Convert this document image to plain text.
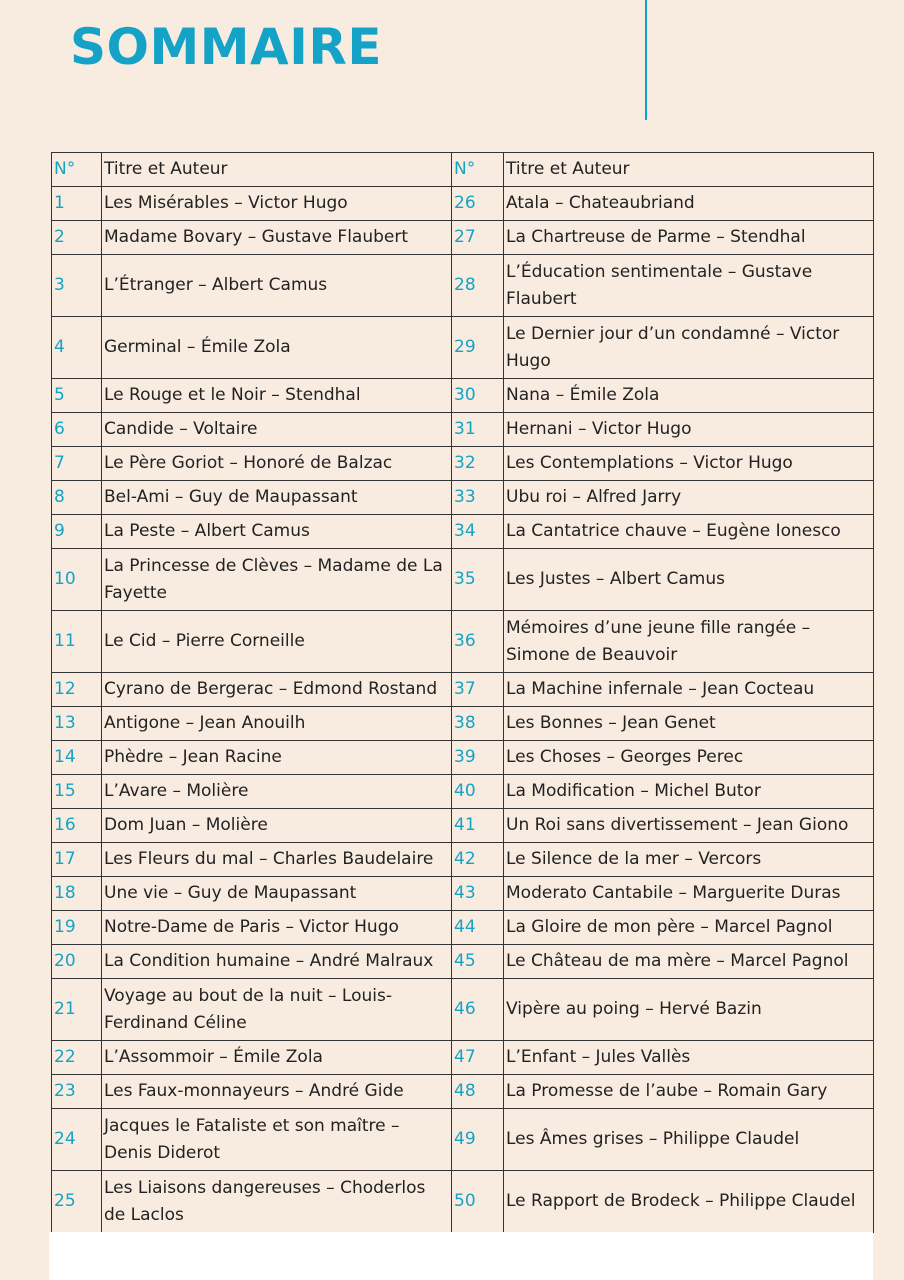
SOMMAIRE
N°	Titre et Auteur	N°	Titre et Auteur
1	Les Misérables – Victor Hugo	26	Atala – Chateaubriand
2	Madame Bovary – Gustave Flaubert	27	La Chartreuse de Parme – Stendhal
3	L’Étranger – Albert Camus	28	L’Éducation sentimentale – Gustave Flaubert
4	Germinal – Émile Zola	29	Le Dernier jour d’un condamné – Victor Hugo
5	Le Rouge et le Noir – Stendhal	30	Nana – Émile Zola
6	Candide – Voltaire	31	Hernani – Victor Hugo
7	Le Père Goriot – Honoré de Balzac	32	Les Contemplations – Victor Hugo
8	Bel-Ami – Guy de Maupassant	33	Ubu roi – Alfred Jarry
9	La Peste – Albert Camus	34	La Cantatrice chauve – Eugène Ionesco
10	La Princesse de Clèves – Madame de La Fayette	35	Les Justes – Albert Camus
11	Le Cid – Pierre Corneille	36	Mémoires d’une jeune fille rangée – Simone de Beauvoir
12	Cyrano de Bergerac – Edmond Rostand	37	La Machine infernale – Jean Cocteau
13	Antigone – Jean Anouilh	38	Les Bonnes – Jean Genet
14	Phèdre – Jean Racine	39	Les Choses – Georges Perec
15	L’Avare – Molière	40	La Modification – Michel Butor
16	Dom Juan – Molière	41	Un Roi sans divertissement – Jean Giono
17	Les Fleurs du mal – Charles Baudelaire	42	Le Silence de la mer – Vercors
18	Une vie – Guy de Maupassant	43	Moderato Cantabile – Marguerite Duras
19	Notre-Dame de Paris – Victor Hugo	44	La Gloire de mon père – Marcel Pagnol
20	La Condition humaine – André Malraux	45	Le Château de ma mère – Marcel Pagnol
21	Voyage au bout de la nuit – Louis-Ferdinand Céline	46	Vipère au poing – Hervé Bazin
22	L’Assommoir – Émile Zola	47	L’Enfant – Jules Vallès
23	Les Faux-monnayeurs – André Gide	48	La Promesse de l’aube – Romain Gary
24	Jacques le Fataliste et son maître – Denis Diderot	49	Les Âmes grises – Philippe Claudel
25	Les Liaisons dangereuses – Choderlos de Laclos	50	Le Rapport de Brodeck – Philippe Claudel
